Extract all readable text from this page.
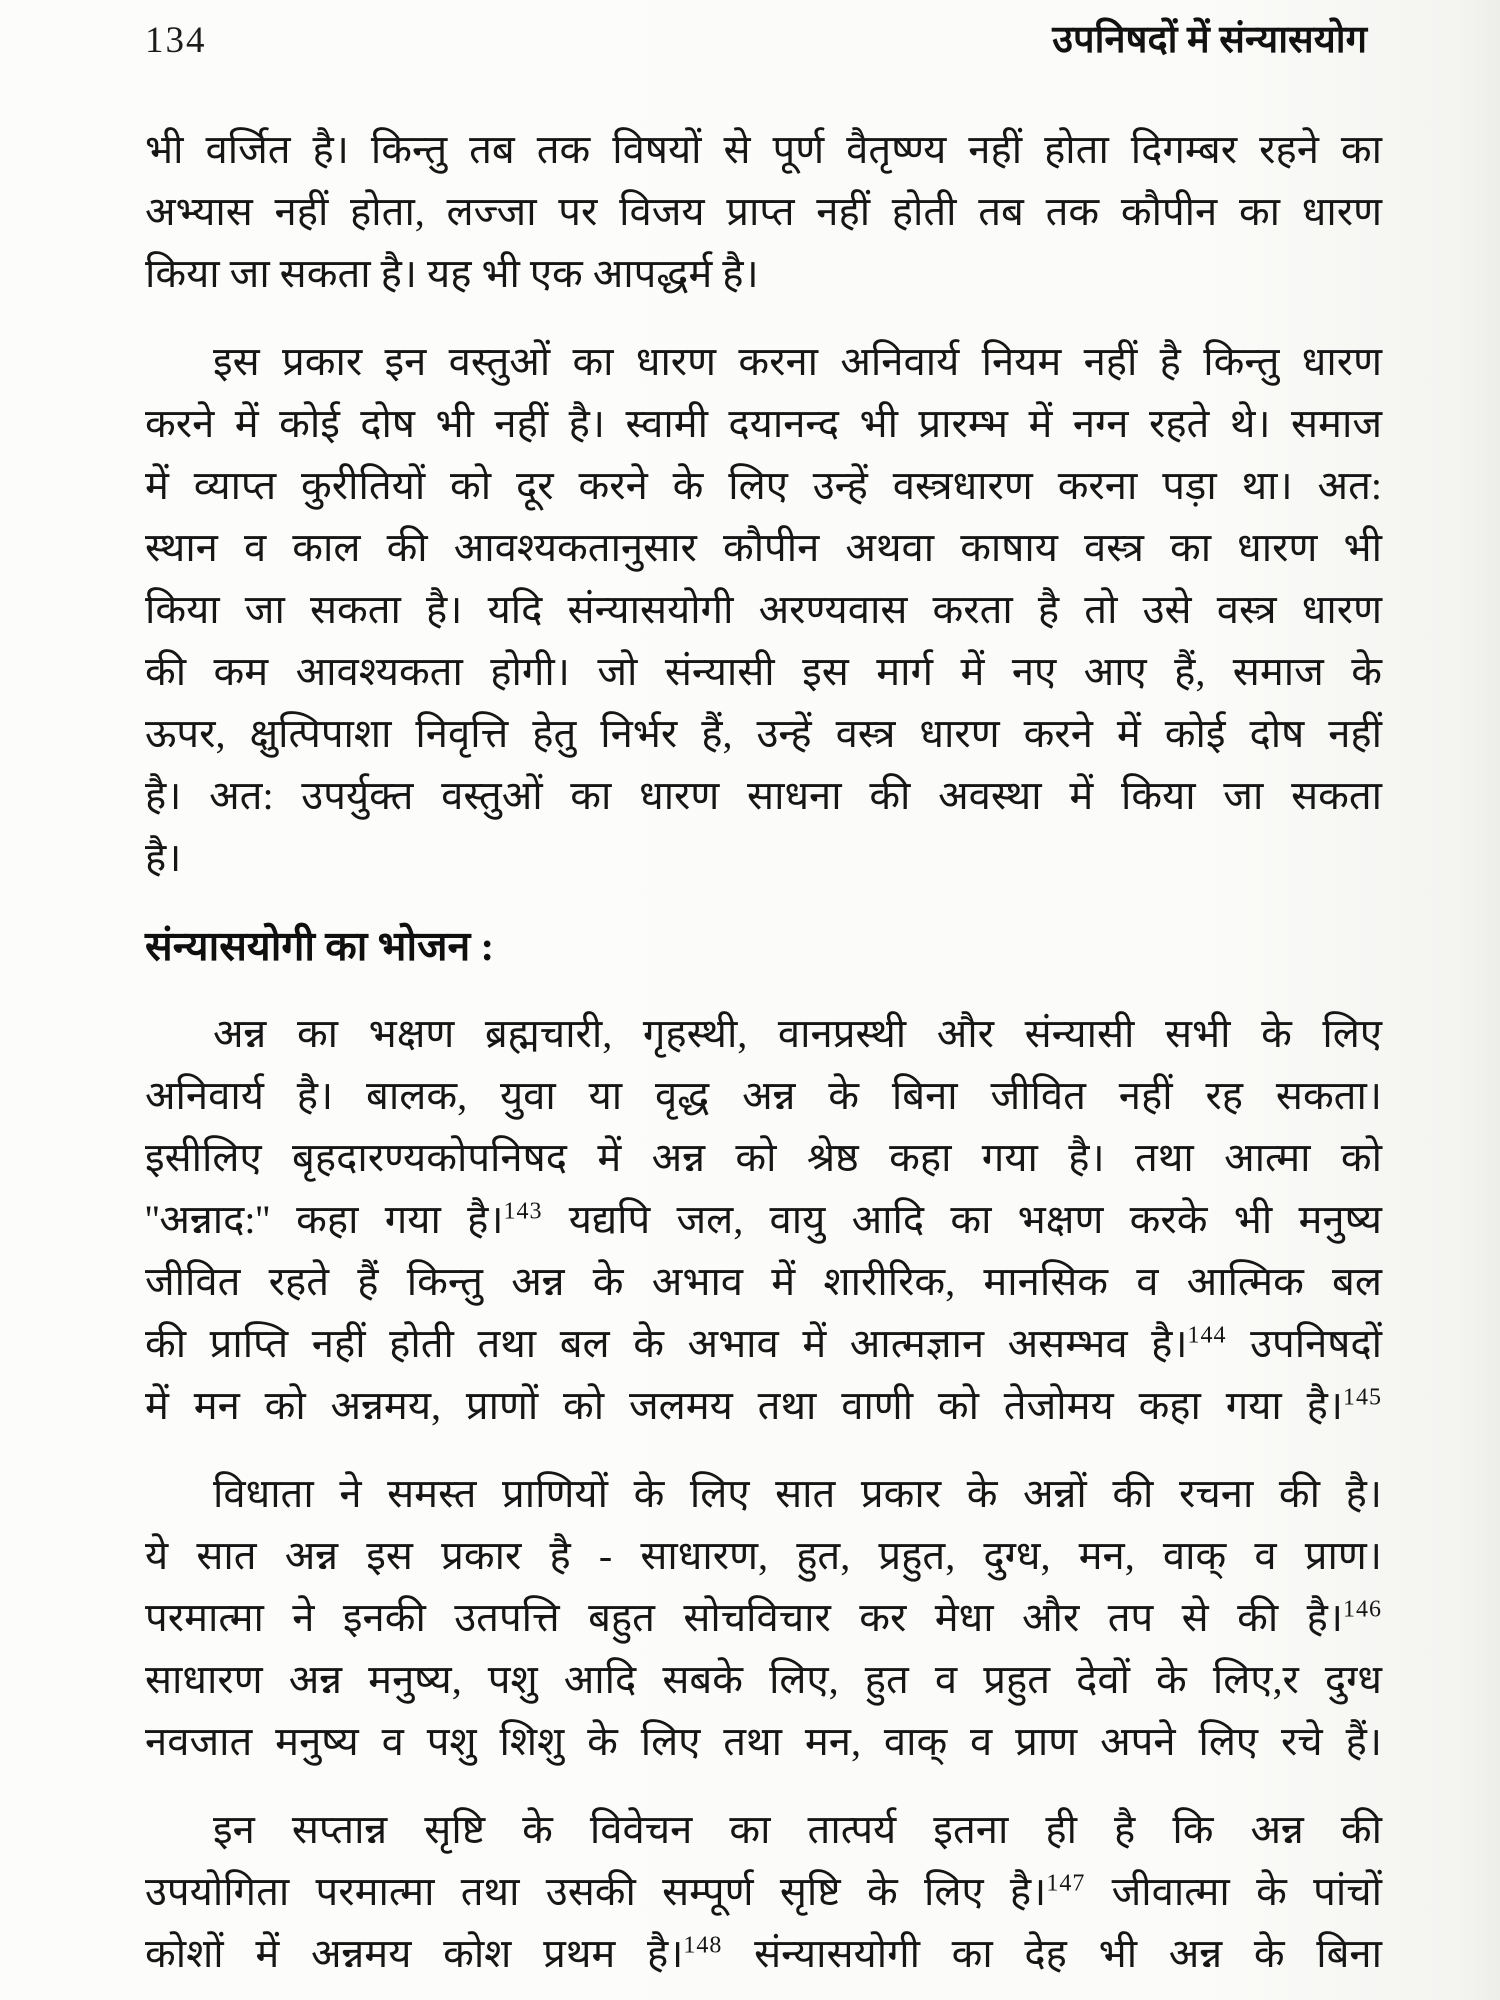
134	उपनिषदों में संन्यासयोग
भी वर्जित है। किन्तु तब तक विषयों से पूर्ण वैतृष्ण्य नहीं होता दिगम्बर रहने का
अभ्यास नहीं होता, लज्जा पर विजय प्राप्त नहीं होती तब तक कौपीन का धारण
किया जा सकता है। यह भी एक आपद्धर्म है।
इस प्रकार इन वस्तुओं का धारण करना अनिवार्य नियम नहीं है किन्तु धारण
करने में कोई दोष भी नहीं है। स्वामी दयानन्द भी प्रारम्भ में नग्न रहते थे। समाज
में व्याप्त कुरीतियों को दूर करने के लिए उन्हें वस्त्रधारण करना पड़ा था। अत:
स्थान व काल की आवश्यकतानुसार कौपीन अथवा काषाय वस्त्र का धारण भी
किया जा सकता है। यदि संन्यासयोगी अरण्यवास करता है तो उसे वस्त्र धारण
की कम आवश्यकता होगी। जो संन्यासी इस मार्ग में नए आए हैं, समाज के
ऊपर, क्षुत्पिपाशा निवृत्ति हेतु निर्भर हैं, उन्हें वस्त्र धारण करने में कोई दोष नहीं
है। अत: उपर्युक्त वस्तुओं का धारण साधना की अवस्था में किया जा सकता
है।
संन्यासयोगी का भोजन :
अन्न का भक्षण ब्रह्मचारी, गृहस्थी, वानप्रस्थी और संन्यासी सभी के लिए
अनिवार्य है। बालक, युवा या वृद्ध अन्न के बिना जीवित नहीं रह सकता।
इसीलिए बृहदारण्यकोपनिषद में अन्न को श्रेष्ठ कहा गया है। तथा आत्मा को
''अन्नाद:'' कहा गया है।$^{143}$ यद्यपि जल, वायु आदि का भक्षण करके भी मनुष्य
जीवित रहते हैं किन्तु अन्न के अभाव में शारीरिक, मानसिक व आत्मिक बल
की प्राप्ति नहीं होती तथा बल के अभाव में आत्मज्ञान असम्भव है।$^{144}$ उपनिषदों
में मन को अन्नमय, प्राणों को जलमय तथा वाणी को तेजोमय कहा गया है।$^{145}$
विधाता ने समस्त प्राणियों के लिए सात प्रकार के अन्नों की रचना की है।
ये सात अन्न इस प्रकार है - साधारण, हुत, प्रहुत, दुग्ध, मन, वाक् व प्राण।
परमात्मा ने इनकी उतपत्ति बहुत सोचविचार कर मेधा और तप से की है।$^{146}$
साधारण अन्न मनुष्य, पशु आदि सबके लिए, हुत व प्रहुत देवों के लिए,र दुग्ध
नवजात मनुष्य व पशु शिशु के लिए तथा मन, वाक् व प्राण अपने लिए रचे हैं।
इन सप्तान्न सृष्टि के विवेचन का तात्पर्य इतना ही है कि अन्न की
उपयोगिता परमात्मा तथा उसकी सम्पूर्ण सृष्टि के लिए है।$^{147}$ जीवात्मा के पांचों
कोशों में अन्नमय कोश प्रथम है।$^{148}$ संन्यासयोगी का देह भी अन्न के बिना
